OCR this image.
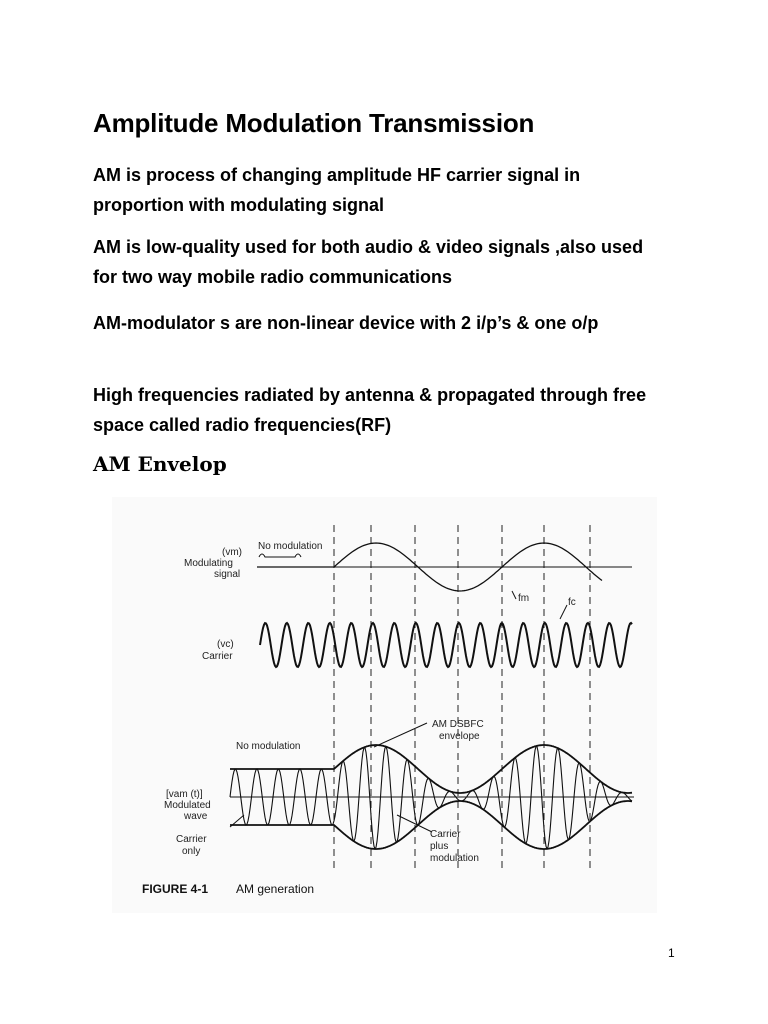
Amplitude Modulation Transmission

AM is process of changing amplitude HF carrier signal in proportion with modulating signal

AM is low-quality used for both audio & video signals ,also used for two way mobile radio communications

AM-modulator s are non-linear device with 2 i/p’s & one o/p

High frequencies radiated by antenna & propagated through free space called radio frequencies(RF)

AM Envelop
No modulation
(vm)
Modulating
signal
fm	fc
(vc)
Carrier
AM DSBFC
envelope
No modulation
[vam (t)]
Modulated
wave
Carrier
only
Carrier
plus
modulation
FIGURE 4-1 AM generation

1
